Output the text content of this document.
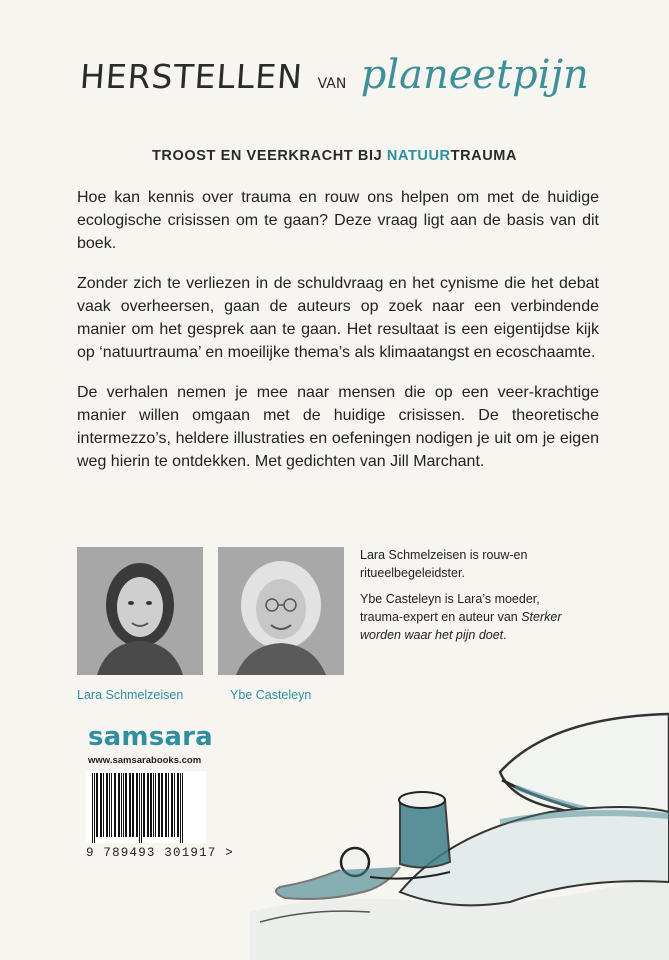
HERSTELLEN VAN planeetpijn
TROOST EN VEERKRACHT BIJ NATUURTRAUMA

Hoe kan kennis over trauma en rouw ons helpen om met de huidige ecologische crisissen om te gaan? Deze vraag ligt aan de basis van dit boek.

Zonder zich te verliezen in de schuldvraag en het cynisme die het debat vaak overheersen, gaan de auteurs op zoek naar een verbindende manier om het gesprek aan te gaan. Het resultaat is een eigentijdse kijk op ‘natuurtrauma’ en moeilijke thema’s als klimaatangst en ecoschaamte.

De verhalen nemen je mee naar mensen die op een veer-krachtige manier willen omgaan met de huidige crisissen. De theoretische intermezzo’s, heldere illustraties en oefeningen nodigen je uit om je eigen weg hierin te ontdekken. Met gedichten van Jill Marchant.

Lara Schmelzeisen	Ybe Casteleyn

Lara Schmelzeisen is rouw-en ritueelbegeleidster.

Ybe Casteleyn is Lara’s moeder, trauma-expert en auteur van Sterker worden waar het pijn doet.

samsara
www.samsarabooks.com
9 789493 301917 >
